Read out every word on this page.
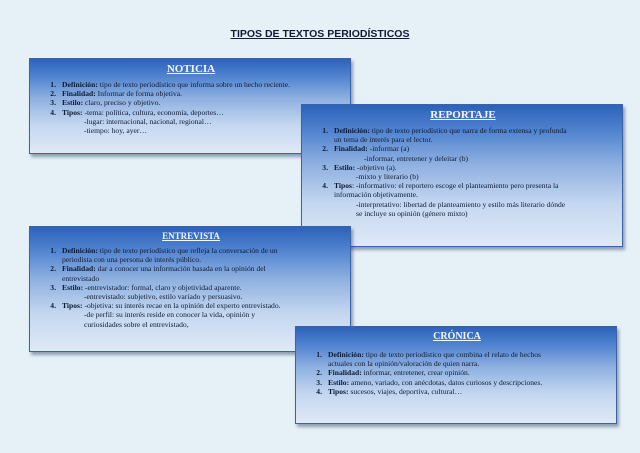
TIPOS DE TEXTOS PERIODÍSTICOS
NOTICIA
1. Definición: tipo de texto periodístico que informa sobre un hecho reciente.
2. Finalidad: Informar de forma objetiva.
3. Estilo: claro, preciso y objetivo.
4. Tipos: -tema: política, cultura, economía, deportes…
-lugar: internacional, nacional, regional…
-tiempo: hoy, ayer…
REPORTAJE
1. Definición: tipo de texto periodístico que narra de forma extensa y profunda
un tema de interés para el lector.
2. Finalidad: -informar (a)
-informar, entretener y deleitar (b)
3. Estilo: -objetivo (a).
-mixto y literario (b)
4. Tipos: -informativo: el reportero escoge el planteamiento pero presenta la
información objetivamente.
-interpretativo: libertad de planteamiento y estilo más literario dónde
se incluye su opinión (género mixto)
ENTREVISTA
1. Definición: tipo de texto periodístico que refleja la conversación de un
periodista con una persona de interés público.
2. Finalidad: dar a conocer una información basada en la opinión del
entrevistado
3. Estilo: -entrevistador: formal, claro y objetividad aparente.
-entrevistado: subjetivo, estilo variado y persuasivo.
4. Tipos: -objetiva: su interés recae en la opinión del experto entrevistado.
-de perfil: su interés reside en conocer la vida, opinión y
curiosidades sobre el entrevistado,
CRÓNICA
1. Definición: tipo de texto periodístico que combina el relato de hechos
actuales con la opinión/valoración de quien narra.
2. Finalidad: informar, entretener, crear opinión.
3. Estilo: ameno, variado, con anécdotas, datos curiosos y descripciones.
4. Tipos: sucesos, viajes, deportiva, cultural…
